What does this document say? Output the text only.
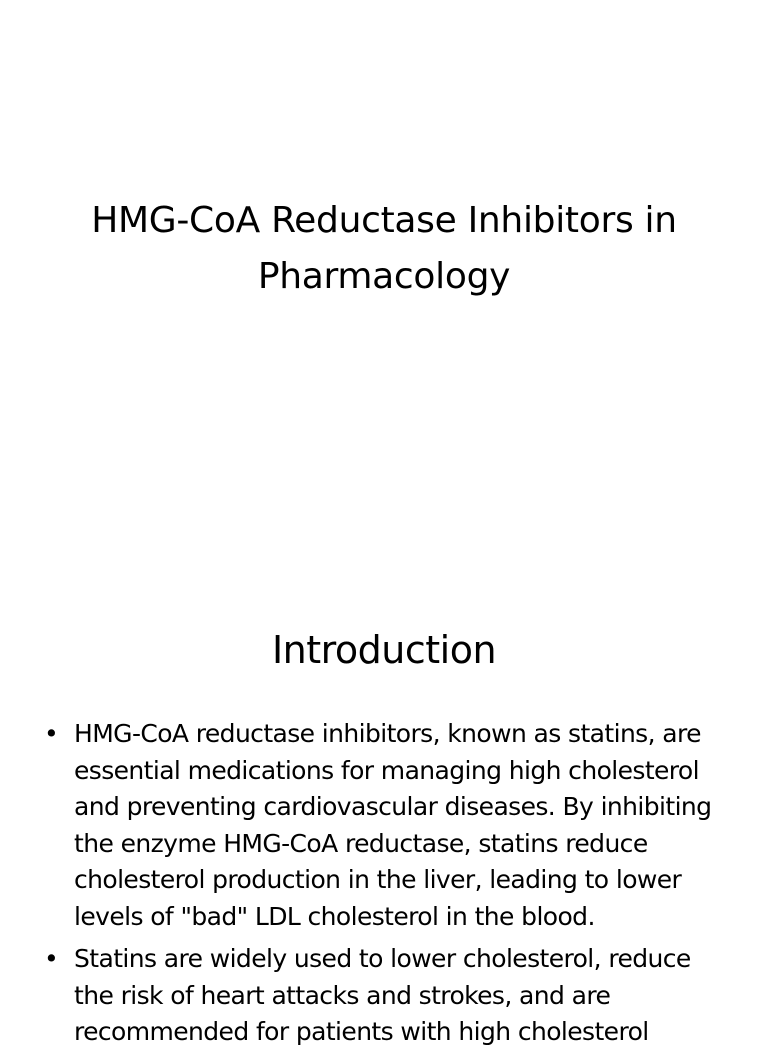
HMG-CoA Reductase Inhibitors in Pharmacology
Introduction
• HMG-CoA reductase inhibitors, known as statins, are essential medications for managing high cholesterol and preventing cardiovascular diseases. By inhibiting the enzyme HMG-CoA reductase, statins reduce cholesterol production in the liver, leading to lower levels of "bad" LDL cholesterol in the blood.
• Statins are widely used to lower cholesterol, reduce the risk of heart attacks and strokes, and are recommended for patients with high cholesterol
